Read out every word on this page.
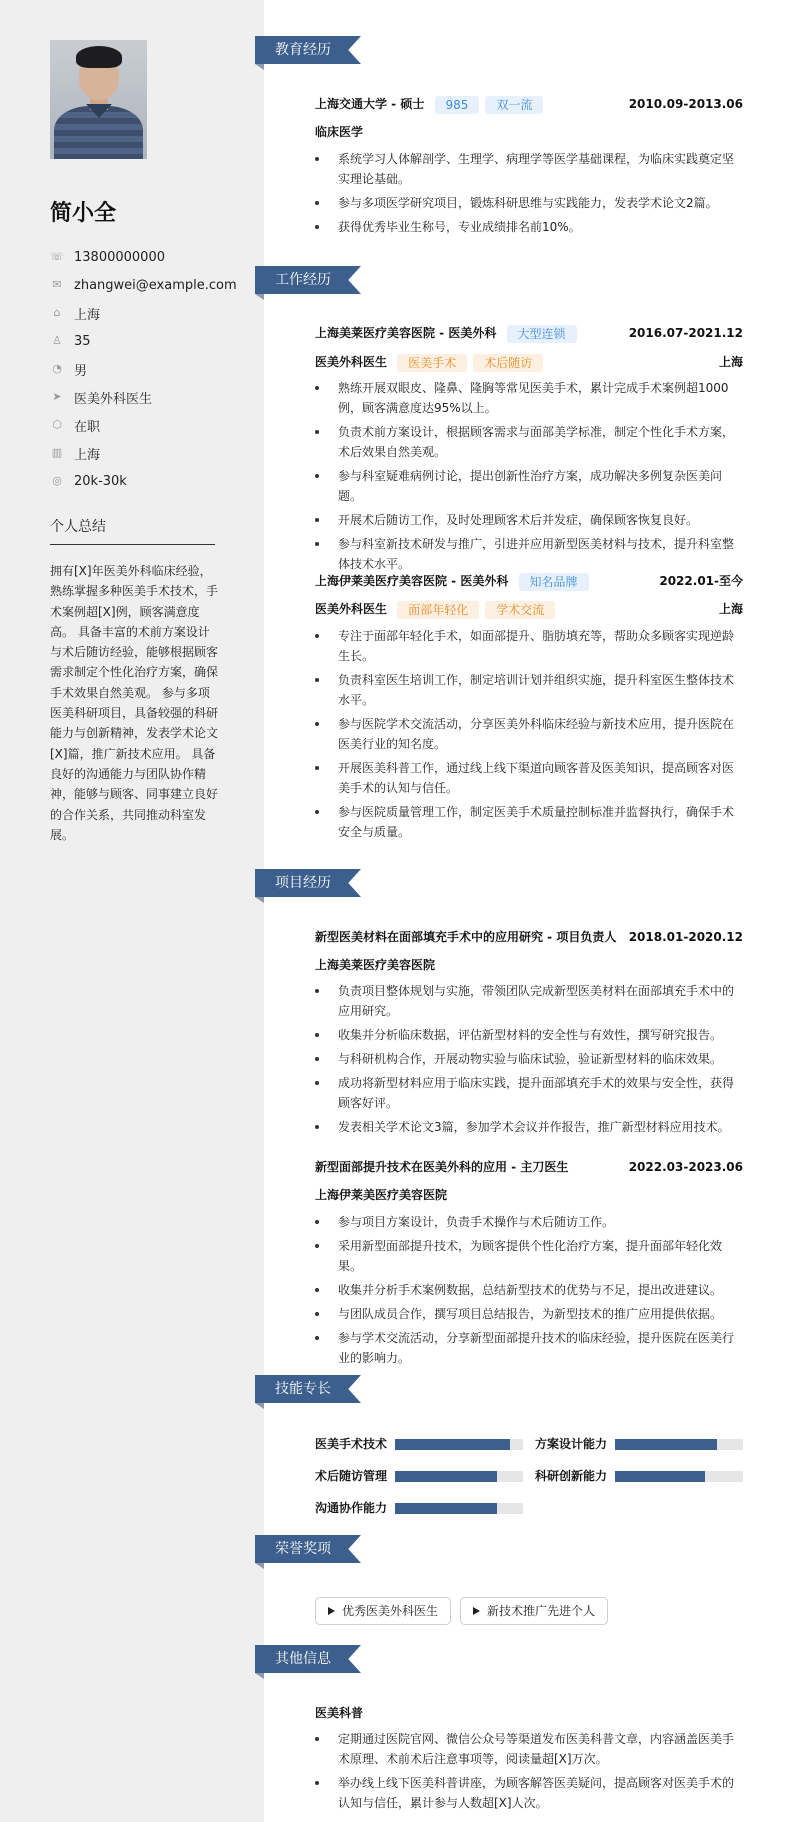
简小全
☏ 13800000000
✉ zhangwei@example.com
⌂ 上海
♙ 35
◔ 男
➤ 医美外科医生
⬡ 在职
▥ 上海
◎ 20k-30k
个人总结
拥有[X]年医美外科临床经验，熟练掌握多种医美手术技术，手术案例超[X]例，顾客满意度高。 具备丰富的术前方案设计与术后随访经验，能够根据顾客需求制定个性化治疗方案，确保手术效果自然美观。 参与多项医美科研项目，具备较强的科研能力与创新精神，发表学术论文[X]篇，推广新技术应用。 具备良好的沟通能力与团队协作精神，能够与顾客、同事建立良好的合作关系，共同推动科室发展。
教育经历
上海交通大学 - 硕士 985 双一流	2010.09-2013.06
临床医学
系统学习人体解剖学、生理学、病理学等医学基础课程，为临床实践奠定坚实理论基础。
参与多项医学研究项目，锻炼科研思维与实践能力，发表学术论文2篇。
获得优秀毕业生称号，专业成绩排名前10%。
工作经历
上海美莱医疗美容医院 - 医美外科 大型连锁	2016.07-2021.12
医美外科医生 医美手术 术后随访	上海
熟练开展双眼皮、隆鼻、隆胸等常见医美手术，累计完成手术案例超1000例，顾客满意度达95%以上。
负责术前方案设计，根据顾客需求与面部美学标准，制定个性化手术方案，术后效果自然美观。
参与科室疑难病例讨论，提出创新性治疗方案，成功解决多例复杂医美问题。
开展术后随访工作，及时处理顾客术后并发症，确保顾客恢复良好。
参与科室新技术研发与推广，引进并应用新型医美材料与技术，提升科室整体技术水平。
上海伊莱美医疗美容医院 - 医美外科 知名品牌	2022.01-至今
医美外科医生 面部年轻化 学术交流	上海
专注于面部年轻化手术，如面部提升、脂肪填充等，帮助众多顾客实现逆龄生长。
负责科室医生培训工作，制定培训计划并组织实施，提升科室医生整体技术水平。
参与医院学术交流活动，分享医美外科临床经验与新技术应用，提升医院在医美行业的知名度。
开展医美科普工作，通过线上线下渠道向顾客普及医美知识，提高顾客对医美手术的认知与信任。
参与医院质量管理工作，制定医美手术质量控制标准并监督执行，确保手术安全与质量。
项目经历
新型医美材料在面部填充手术中的应用研究 - 项目负责人 2018.01-2020.12
上海美莱医疗美容医院
负责项目整体规划与实施，带领团队完成新型医美材料在面部填充手术中的应用研究。
收集并分析临床数据，评估新型材料的安全性与有效性，撰写研究报告。
与科研机构合作，开展动物实验与临床试验，验证新型材料的临床效果。
成功将新型材料应用于临床实践，提升面部填充手术的效果与安全性，获得顾客好评。
发表相关学术论文3篇，参加学术会议并作报告，推广新型材料应用技术。
新型面部提升技术在医美外科的应用 - 主刀医生	2022.03-2023.06
上海伊莱美医疗美容医院
参与项目方案设计，负责手术操作与术后随访工作。
采用新型面部提升技术，为顾客提供个性化治疗方案，提升面部年轻化效果。
收集并分析手术案例数据，总结新型技术的优势与不足，提出改进建议。
与团队成员合作，撰写项目总结报告，为新型技术的推广应用提供依据。
参与学术交流活动，分享新型面部提升技术的临床经验，提升医院在医美行业的影响力。
技能专长
医美手术技术	方案设计能力
术后随访管理	科研创新能力
沟通协作能力
荣誉奖项
优秀医美外科医生	新技术推广先进个人
其他信息
医美科普
定期通过医院官网、微信公众号等渠道发布医美科普文章，内容涵盖医美手术原理、术前术后注意事项等，阅读量超[X]万次。
举办线上线下医美科普讲座，为顾客解答医美疑问，提高顾客对医美手术的认知与信任，累计参与人数超[X]人次。
